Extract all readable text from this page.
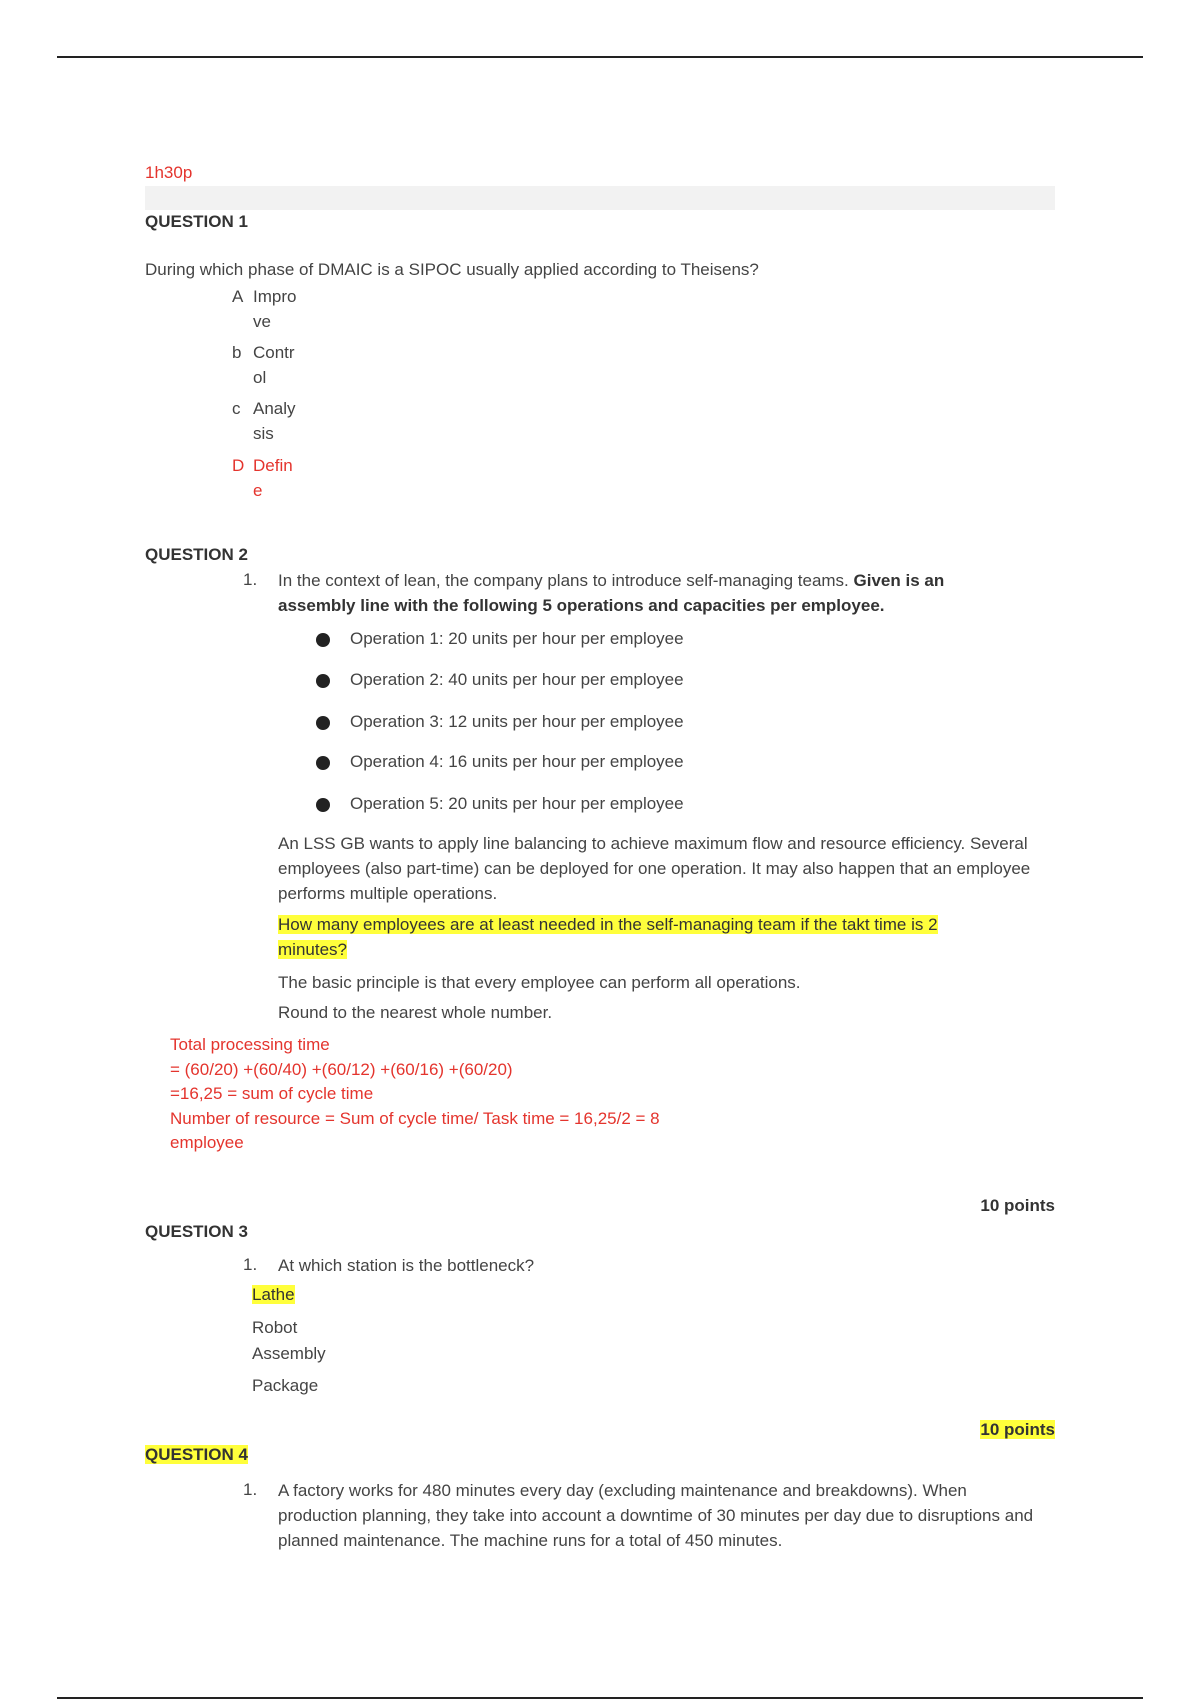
1h30p
QUESTION 1
During which phase of DMAIC is a SIPOC usually applied according to Theisens?
A Impro
ve
b Contr
ol
c Analy
sis
D Defin
e
QUESTION 2
1. In the context of lean, the company plans to introduce self-managing teams. Given is an assembly line with the following 5 operations and capacities per employee.
Operation 1: 20 units per hour per employee
Operation 2: 40 units per hour per employee
Operation 3: 12 units per hour per employee
Operation 4: 16 units per hour per employee
Operation 5: 20 units per hour per employee
An LSS GB wants to apply line balancing to achieve maximum flow and resource efficiency. Several employees (also part-time) can be deployed for one operation. It may also happen that an employee performs multiple operations.
How many employees are at least needed in the self-managing team if the takt time is 2
minutes?
The basic principle is that every employee can perform all operations.
Round to the nearest whole number.
Total processing time
= (60/20) +(60/40) +(60/12) +(60/16) +(60/20)
=16,25 = sum of cycle time
Number of resource = Sum of cycle time/ Task time = 16,25/2 = 8
employee
10 points
QUESTION 3
1. At which station is the bottleneck?
Lathe
Robot
Assembly
Package
10 points
QUESTION 4
1. A factory works for 480 minutes every day (excluding maintenance and breakdowns). When production planning, they take into account a downtime of 30 minutes per day due to disruptions and planned maintenance. The machine runs for a total of 450 minutes.
